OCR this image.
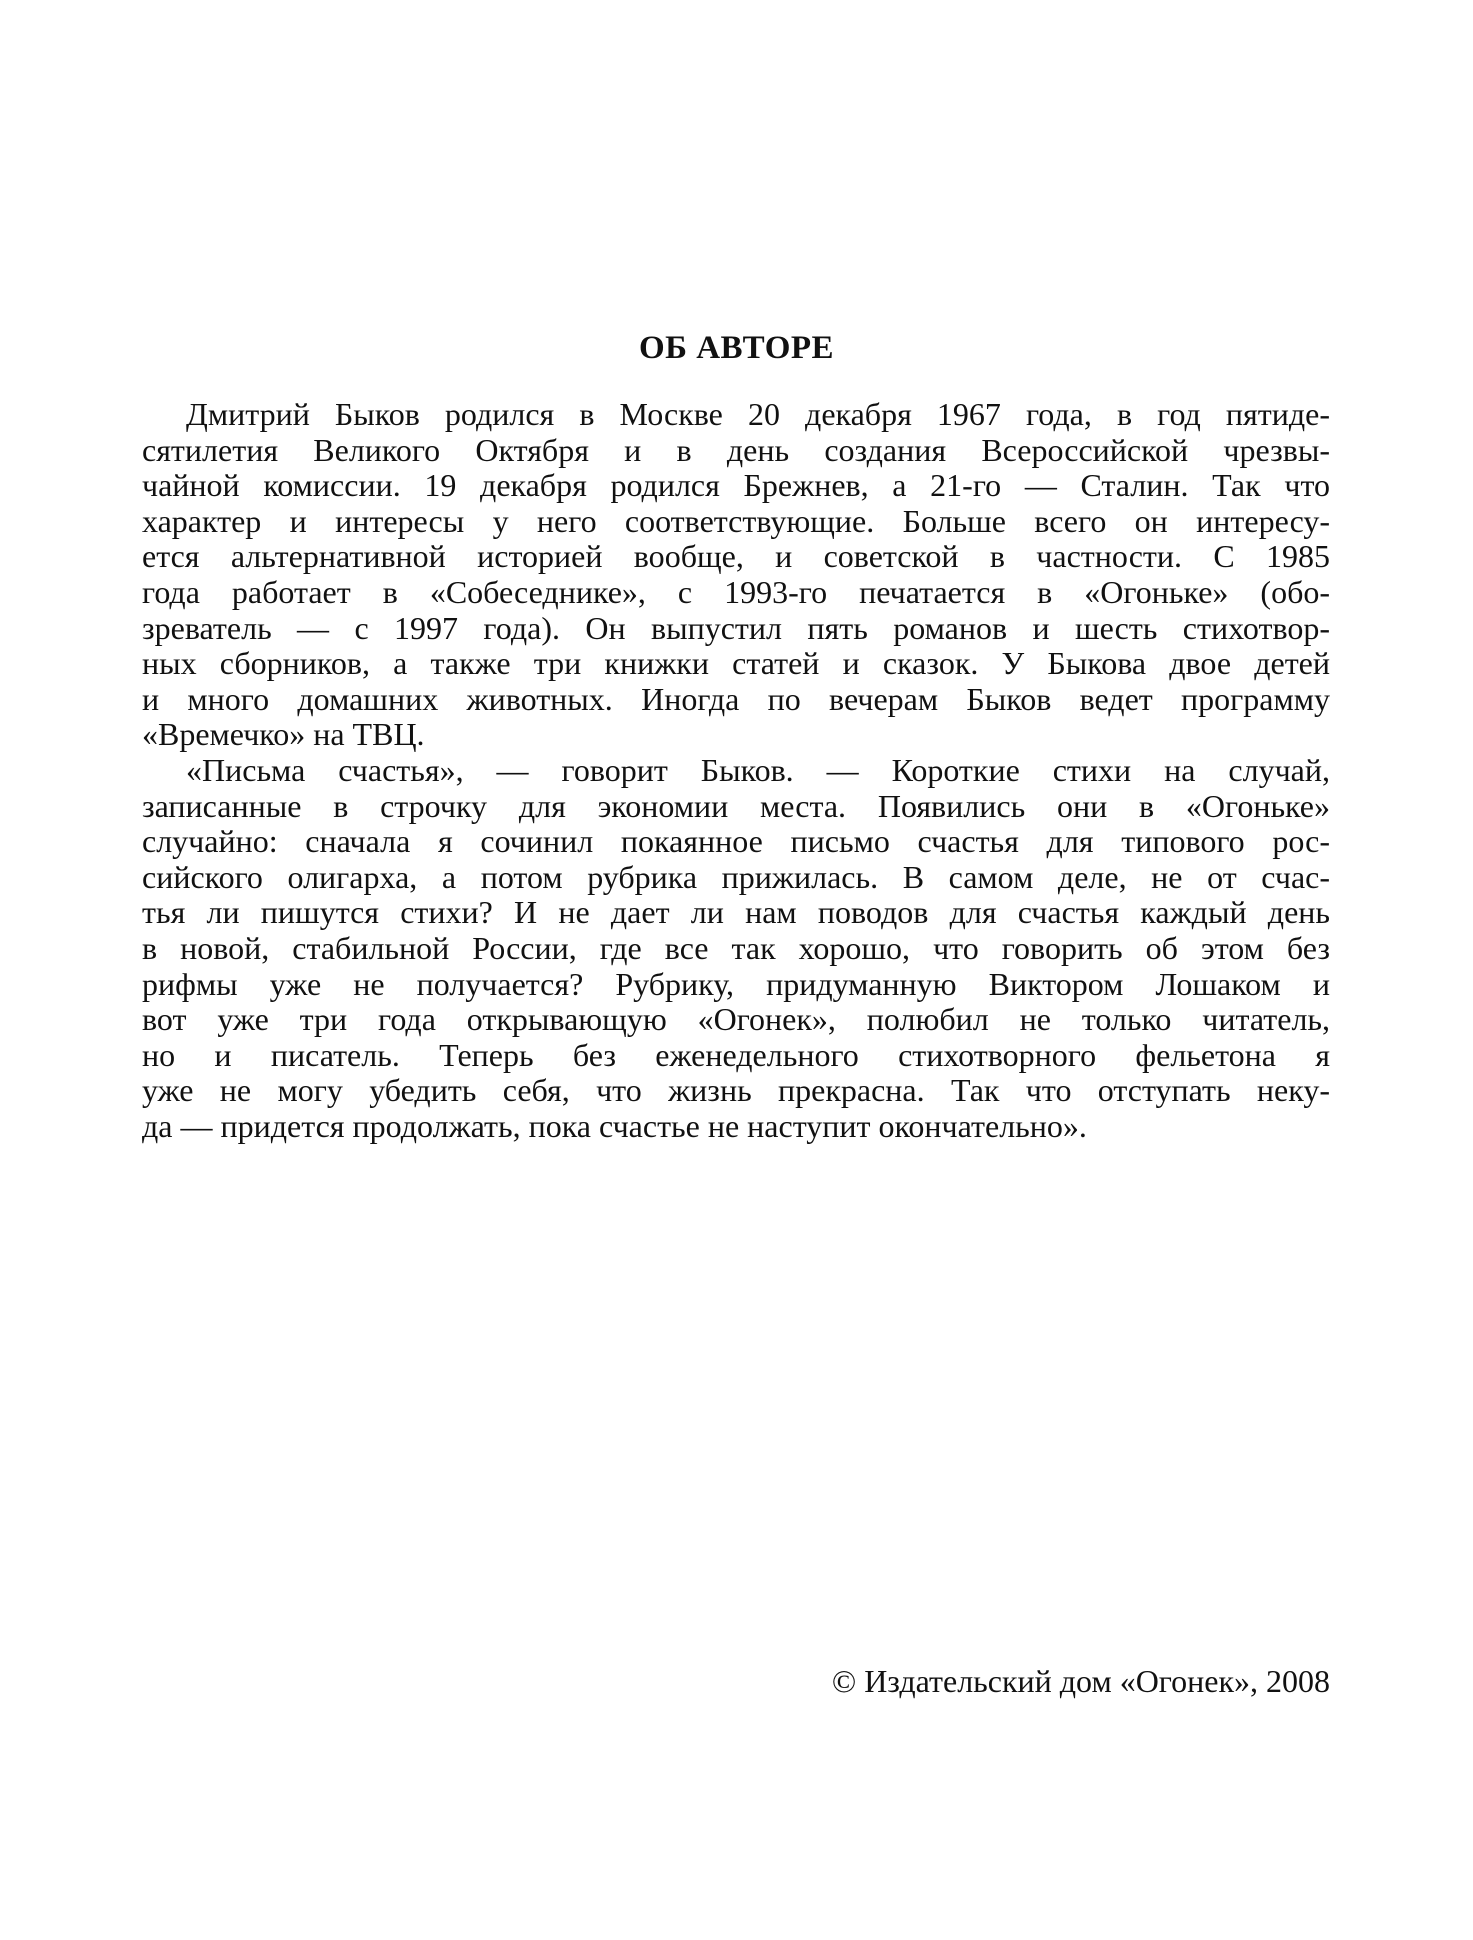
ОБ АВТОРЕ
Дмитрий Быков родился в Москве 20 декабря 1967 года, в год пятиде-
сятилетия Великого Октября и в день создания Всероссийской чрезвы-
чайной комиссии. 19 декабря родился Брежнев, а 21-го — Сталин. Так что
характер и интересы у него соответствующие. Больше всего он интересу-
ется альтернативной историей вообще, и советской в частности. С 1985
года работает в «Собеседнике», с 1993-го печатается в «Огоньке» (обо-
зреватель — с 1997 года). Он выпустил пять романов и шесть стихотвор-
ных сборников, а также три книжки статей и сказок. У Быкова двое детей
и много домашних животных. Иногда по вечерам Быков ведет программу
«Времечко» на ТВЦ.
«Письма счастья», — говорит Быков. — Короткие стихи на случай,
записанные в строчку для экономии места. Появились они в «Огоньке»
случайно: сначала я сочинил покаянное письмо счастья для типового рос-
сийского олигарха, а потом рубрика прижилась. В самом деле, не от счас-
тья ли пишутся стихи? И не дает ли нам поводов для счастья каждый день
в новой, стабильной России, где все так хорошо, что говорить об этом без
рифмы уже не получается? Рубрику, придуманную Виктором Лошаком и
вот уже три года открывающую «Огонек», полюбил не только читатель,
но и писатель. Теперь без еженедельного стихотворного фельетона я
уже не могу убедить себя, что жизнь прекрасна. Так что отступать неку-
да — придется продолжать, пока счастье не наступит окончательно».

© Издательский дом «Огонек», 2008
